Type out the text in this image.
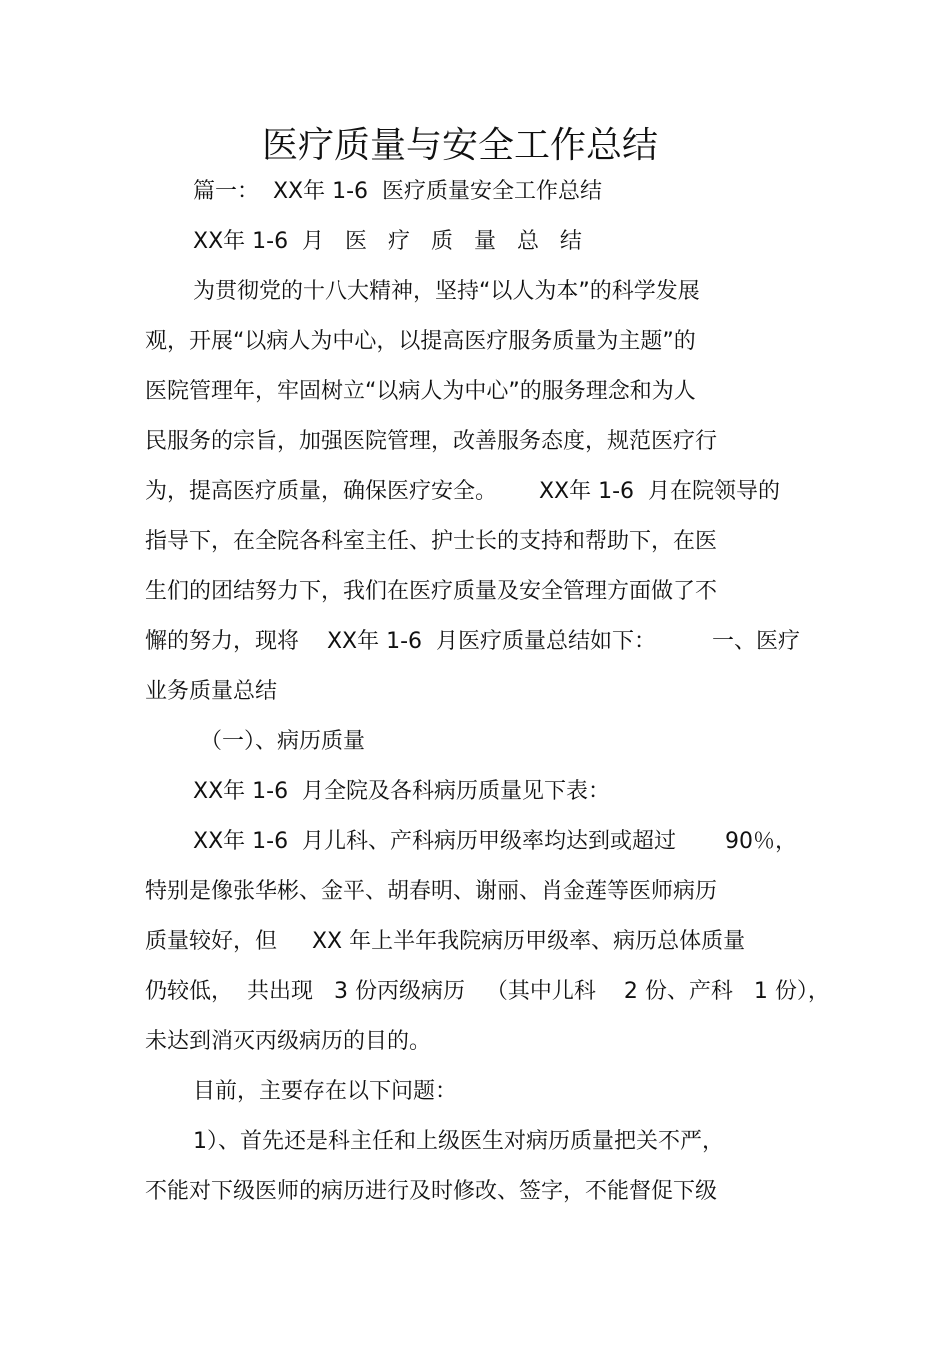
医疗质量与安全工作总结
篇一：  XX年 1-6  医疗质量安全工作总结
XX年 1-6  月   医   疗   质   量   总   结
为贯彻党的十八大精神，坚持“以人为本”的科学发展
观，开展“以病人为中心，以提高医疗服务质量为主题”的
医院管理年，牢固树立“以病人为中心”的服务理念和为人
民服务的宗旨，加强医院管理，改善服务态度，规范医疗行
为，提高医疗质量，确保医疗安全。      XX年 1-6  月在院领导的
指导下，在全院各科室主任、护士长的支持和帮助下，在医
生们的团结努力下，我们在医疗质量及安全管理方面做了不
懈的努力，现将    XX年 1-6  月医疗质量总结如下：        一、医疗
业务质量总结
（一）、病历质量
XX年 1-6  月全院及各科病历质量见下表：
XX年 1-6  月儿科、产科病历甲级率均达到或超过       90％，
特别是像张华彬、金平、胡春明、谢丽、肖金莲等医师病历
质量较好，但     XX 年上半年我院病历甲级率、病历总体质量
仍较低，  共出现   3 份丙级病历   （其中儿科    2 份、产科   1 份），
未达到消灭丙级病历的目的。
目前，主要存在以下问题：
1）、首先还是科主任和上级医生对病历质量把关不严，
不能对下级医师的病历进行及时修改、签字，不能督促下级
